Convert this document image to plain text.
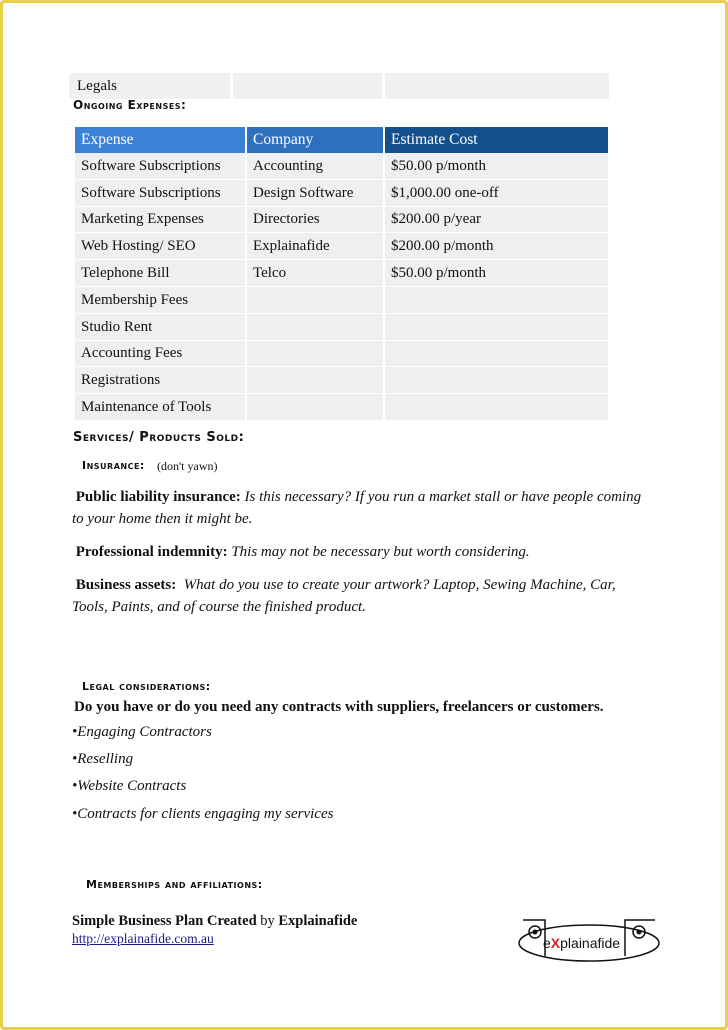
Legals
Ongoing Expenses:
Expense	Company	Estimate Cost
Software Subscriptions	Accounting	$50.00 p/month
Software Subscriptions	Design Software	$1,000.00 one-off
Marketing Expenses	Directories	$200.00 p/year
Web Hosting/ SEO	Explainafide	$200.00 p/month
Telephone Bill	Telco	$50.00 p/month
Membership Fees		
Studio Rent		
Accounting Fees		
Registrations		
Maintenance of Tools		
Services/ Products Sold:
Insurance: (don't yawn)
Public liability insurance: Is this necessary? If you run a market stall or have people coming to your home then it might be.
Professional indemnity: This may not be necessary but worth considering.
Business assets: What do you use to create your artwork? Laptop, Sewing Machine, Car, Tools, Paints, and of course the finished product.
Legal considerations:
Do you have or do you need any contracts with suppliers, freelancers or customers.
•Engaging Contractors
•Reselling
•Website Contracts
•Contracts for clients engaging my services
Memberships and affiliations:
Simple Business Plan Created by Explainafide
http://explainafide.com.au	eXplainafide
